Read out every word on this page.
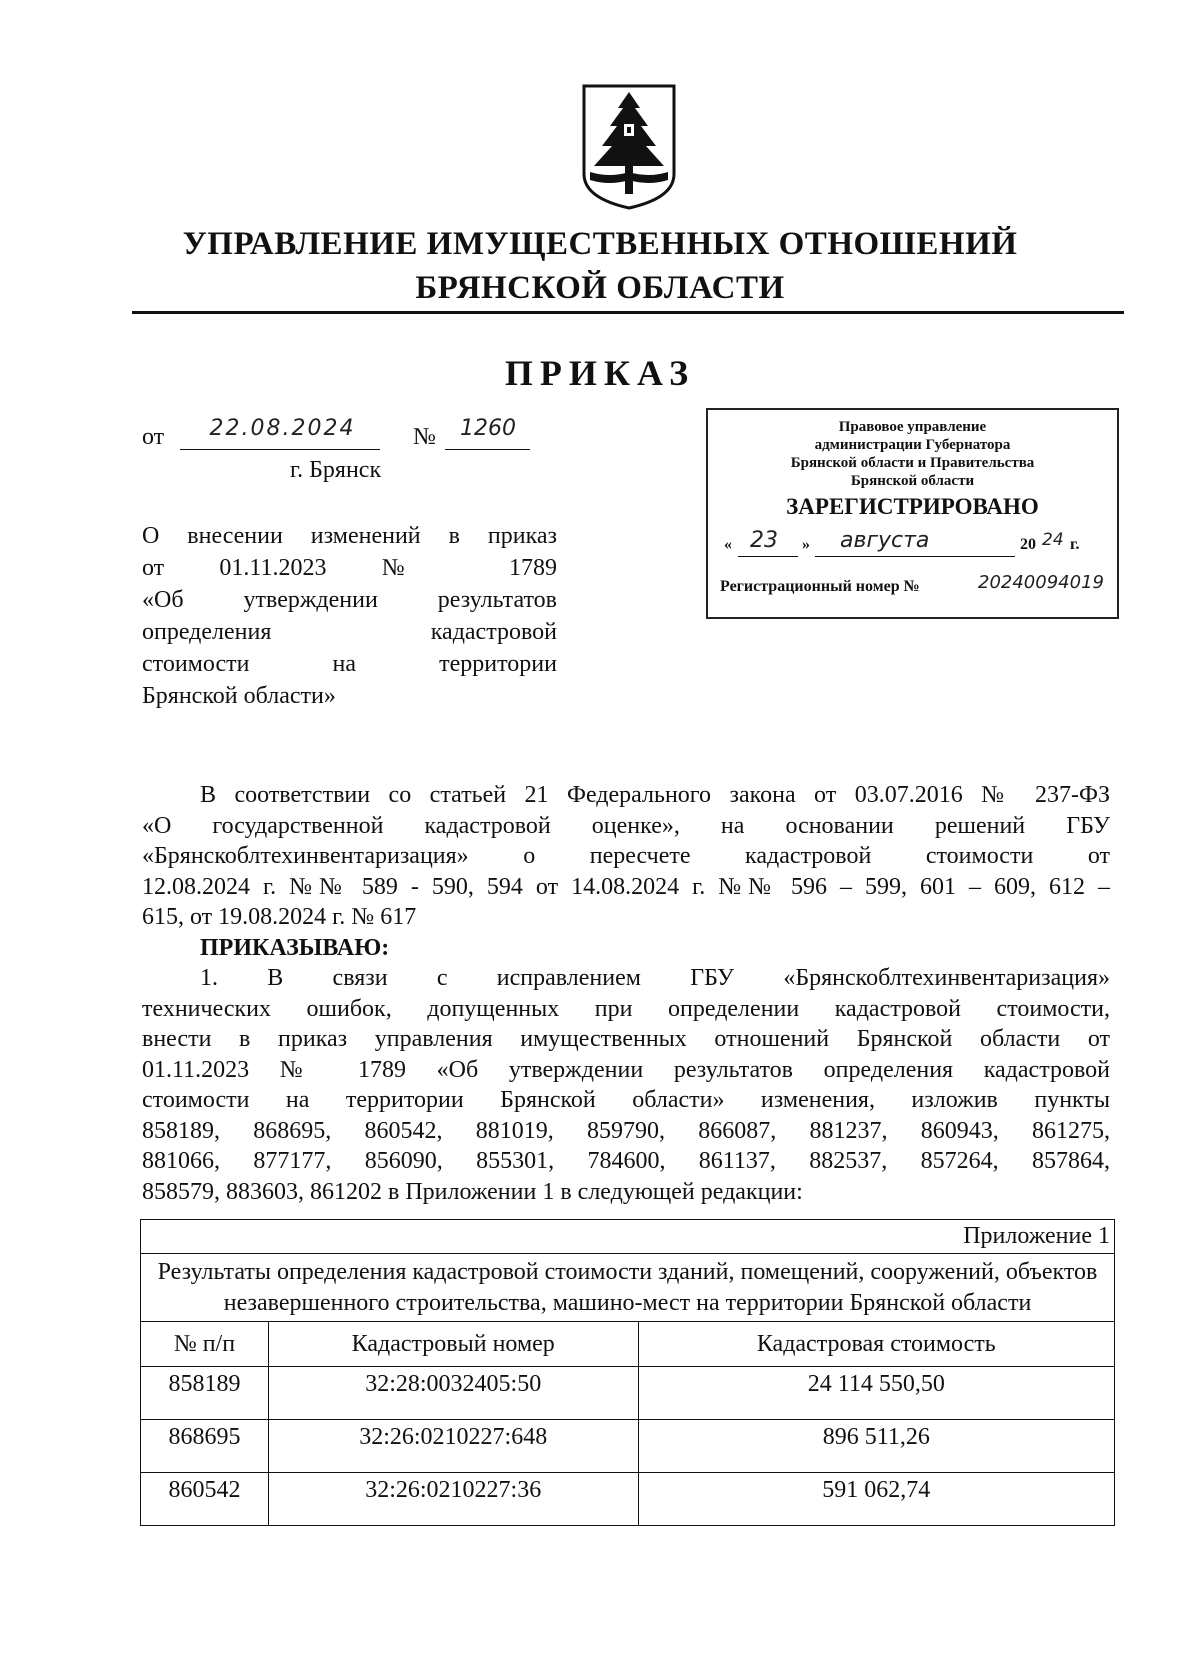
УПРАВЛЕНИЕ ИМУЩЕСТВЕННЫХ ОТНОШЕНИЙ
БРЯНСКОЙ ОБЛАСТИ
ПРИКАЗ
от	22.08.2024	№	1260
г. Брянск
О внесении изменений в приказ
от 01.11.2023 № 1789
«Об утверждении результатов
определения кадастровой
стоимости на территории
Брянской области»
Правовое управление
администрации Губернатора
Брянской области и Правительства
Брянской области
ЗАРЕГИСТРИРОВАНО
« 23 » августа	20 24 г.
Регистрационный номер №	20240094019
В соответствии со статьей 21 Федерального закона от 03.07.2016 № 237-ФЗ
«О государственной кадастровой оценке», на основании решений ГБУ
«Брянскоблтехинвентаризация» о пересчете кадастровой стоимости от
12.08.2024 г. №№ 589 - 590, 594 от 14.08.2024 г. №№ 596 – 599, 601 – 609, 612 –
615, от 19.08.2024 г. № 617
ПРИКАЗЫВАЮ:
1. В связи с исправлением ГБУ «Брянскоблтехинвентаризация»
технических ошибок, допущенных при определении кадастровой стоимости,
внести в приказ управления имущественных отношений Брянской области от
01.11.2023 № 1789 «Об утверждении результатов определения кадастровой
стоимости на территории Брянской области» изменения, изложив пункты
858189, 868695, 860542, 881019, 859790, 866087, 881237, 860943, 861275,
881066, 877177, 856090, 855301, 784600, 861137, 882537, 857264, 857864,
858579, 883603, 861202 в Приложении 1 в следующей редакции:
Приложение 1		
Результаты определения кадастровой стоимости зданий, помещений, сооружений, объектов незавершенного строительства, машино-мест на территории Брянской области		
№ п/п	Кадастровый номер	Кадастровая стоимость
858189	32:28:0032405:50	24 114 550,50
868695	32:26:0210227:648	896 511,26
860542	32:26:0210227:36	591 062,74
